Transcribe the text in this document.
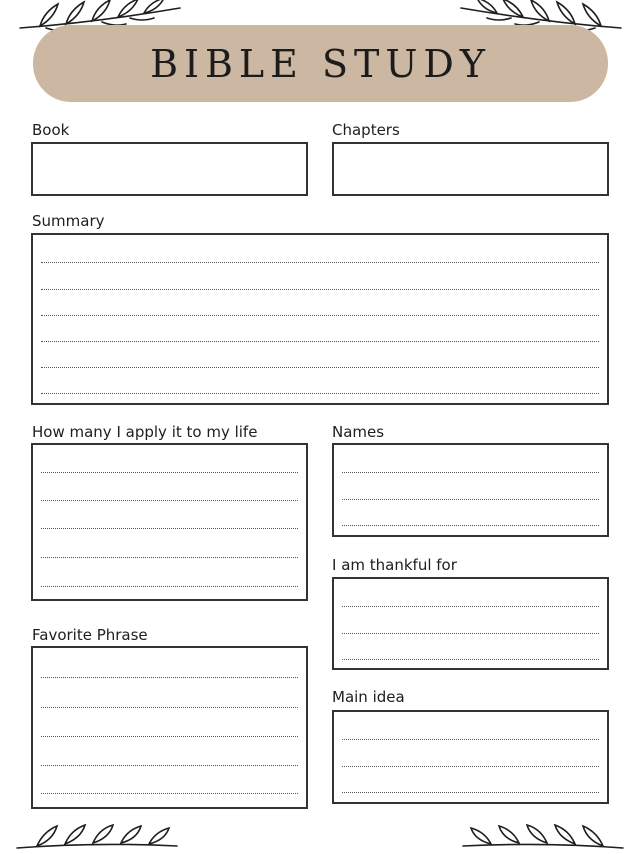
BIBLE STUDY
Book	Chapters
Summary
How many I apply it to my life	Names
I am thankful for
Favorite Phrase
Main idea
